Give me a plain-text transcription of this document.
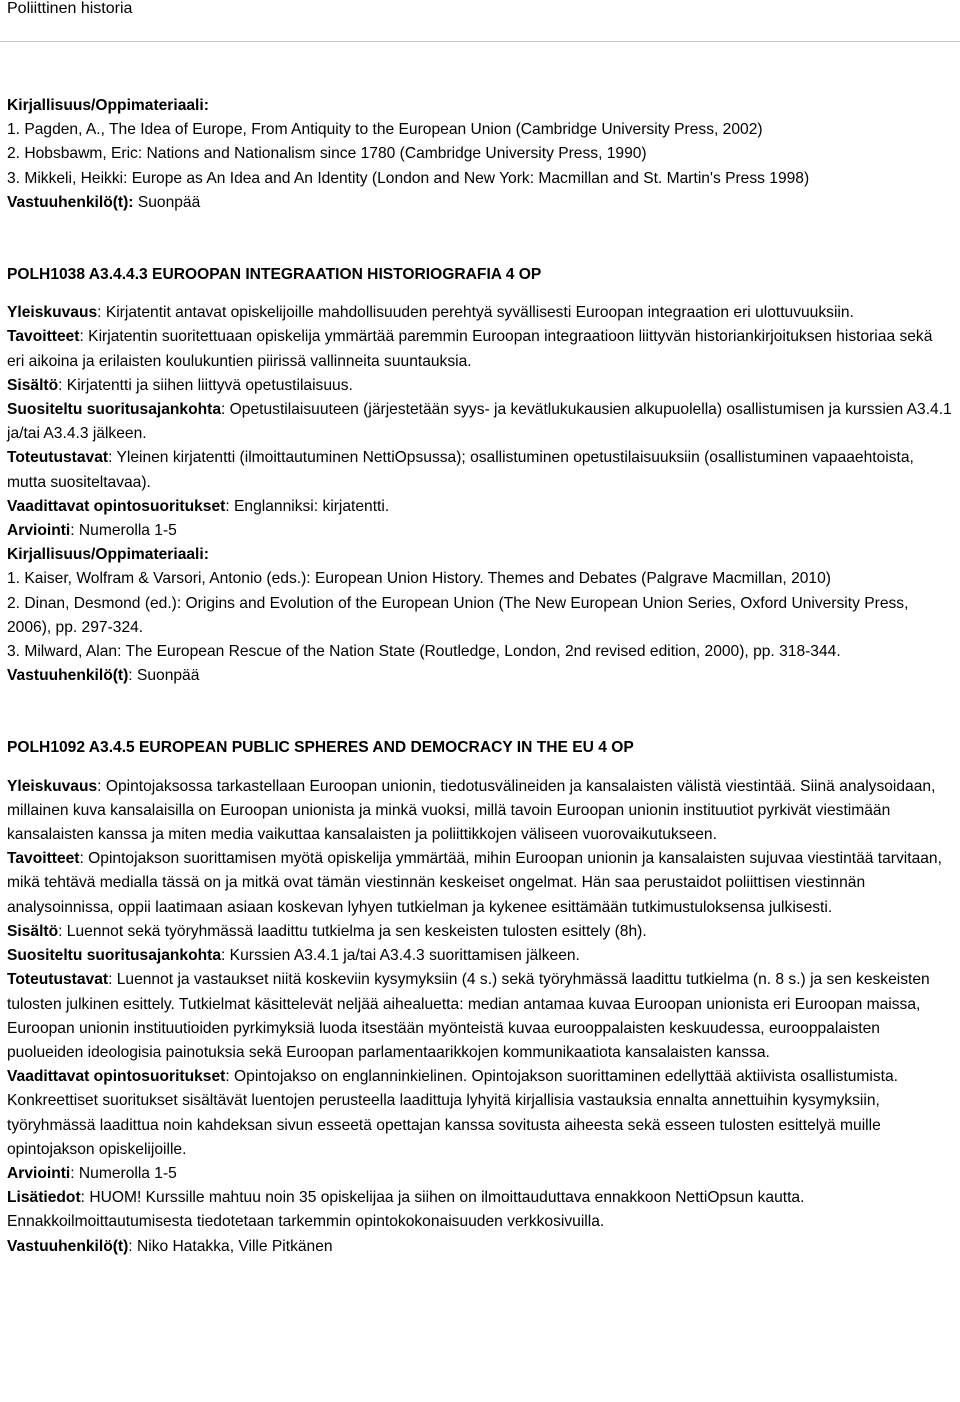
Poliittinen historia

Kirjallisuus/Oppimateriaali:

1. Pagden, A., The Idea of Europe, From Antiquity to the European Union (Cambridge University Press, 2002)

2. Hobsbawm, Eric: Nations and Nationalism since 1780 (Cambridge University Press, 1990)

3. Mikkeli, Heikki: Europe as An Idea and An Identity (London and New York: Macmillan and St. Martin's Press 1998)

Vastuuhenkilö(t): Suonpää

POLH1038 A3.4.4.3 EUROOPAN INTEGRAATION HISTORIOGRAFIA 4 OP

Yleiskuvaus: Kirjatentit antavat opiskelijoille mahdollisuuden perehtyä syvällisesti Euroopan integraation eri ulottuvuuksiin.

Tavoitteet: Kirjatentin suoritettuaan opiskelija ymmärtää paremmin Euroopan integraatioon liittyvän historiankirjoituksen historiaa sekä eri aikoina ja erilaisten koulukuntien piirissä vallinneita suuntauksia.

Sisältö: Kirjatentti ja siihen liittyvä opetustilaisuus.

Suositeltu suoritusajankohta: Opetustilaisuuteen (järjestetään syys- ja kevätlukukausien alkupuolella) osallistumisen ja kurssien A3.4.1 ja/tai A3.4.3 jälkeen.

Toteutustavat: Yleinen kirjatentti (ilmoittautuminen NettiOpsussa); osallistuminen opetustilaisuuksiin (osallistuminen vapaaehtoista, mutta suositeltavaa).

Vaadittavat opintosuoritukset: Englanniksi: kirjatentti.

Arviointi: Numerolla 1-5

Kirjallisuus/Oppimateriaali:

1. Kaiser, Wolfram & Varsori, Antonio (eds.): European Union History. Themes and Debates (Palgrave Macmillan, 2010)

2. Dinan, Desmond (ed.): Origins and Evolution of the European Union (The New European Union Series, Oxford University Press, 2006), pp. 297-324.

3. Milward, Alan: The European Rescue of the Nation State (Routledge, London, 2nd revised edition, 2000), pp. 318-344.

Vastuuhenkilö(t): Suonpää

POLH1092 A3.4.5 EUROPEAN PUBLIC SPHERES AND DEMOCRACY IN THE EU 4 OP

Yleiskuvaus: Opintojaksossa tarkastellaan Euroopan unionin, tiedotusvälineiden ja kansalaisten välistä viestintää. Siinä analysoidaan, millainen kuva kansalaisilla on Euroopan unionista ja minkä vuoksi, millä tavoin Euroopan unionin instituutiot pyrkivät viestimään kansalaisten kanssa ja miten media vaikuttaa kansalaisten ja poliittikkojen väliseen vuorovaikutukseen.

Tavoitteet: Opintojakson suorittamisen myötä opiskelija ymmärtää, mihin Euroopan unionin ja kansalaisten sujuvaa viestintää tarvitaan, mikä tehtävä medialla tässä on ja mitkä ovat tämän viestinnän keskeiset ongelmat. Hän saa perustaidot poliittisen viestinnän analysoinnissa, oppii laatimaan asiaan koskevan lyhyen tutkielman ja kykenee esittämään tutkimustuloksensa julkisesti.

Sisältö: Luennot sekä työryhmässä laadittu tutkielma ja sen keskeisten tulosten esittely (8h).

Suositeltu suoritusajankohta: Kurssien A3.4.1 ja/tai A3.4.3 suorittamisen jälkeen.

Toteutustavat: Luennot ja vastaukset niitä koskeviin kysymyksiin (4 s.) sekä työryhmässä laadittu tutkielma (n. 8 s.) ja sen keskeisten tulosten julkinen esittely. Tutkielmat käsittelevät neljää aihealuetta: median antamaa kuvaa Euroopan unionista eri Euroopan maissa, Euroopan unionin instituutioiden pyrkimyksiä luoda itsestään myönteistä kuvaa eurooppalaisten keskuudessa, eurooppalaisten puolueiden ideologisia painotuksia sekä Euroopan parlamentaarikkojen kommunikaatiota kansalaisten kanssa.

Vaadittavat opintosuoritukset: Opintojakso on englanninkielinen. Opintojakson suorittaminen edellyttää aktiivista osallistumista. Konkreettiset suoritukset sisältävät luentojen perusteella laadittuja lyhyitä kirjallisia vastauksia ennalta annettuihin kysymyksiin, työryhmässä laadittua noin kahdeksan sivun esseetä opettajan kanssa sovitusta aiheesta sekä esseen tulosten esittelyä muille opintojakson opiskelijoille.

Arviointi: Numerolla 1-5

Lisätiedot: HUOM! Kurssille mahtuu noin 35 opiskelijaa ja siihen on ilmoittauduttava ennakkoon NettiOpsun kautta. Ennakkoilmoittautumisesta tiedotetaan tarkemmin opintokokonaisuuden verkkosivuilla.

Vastuuhenkilö(t): Niko Hatakka, Ville Pitkänen
